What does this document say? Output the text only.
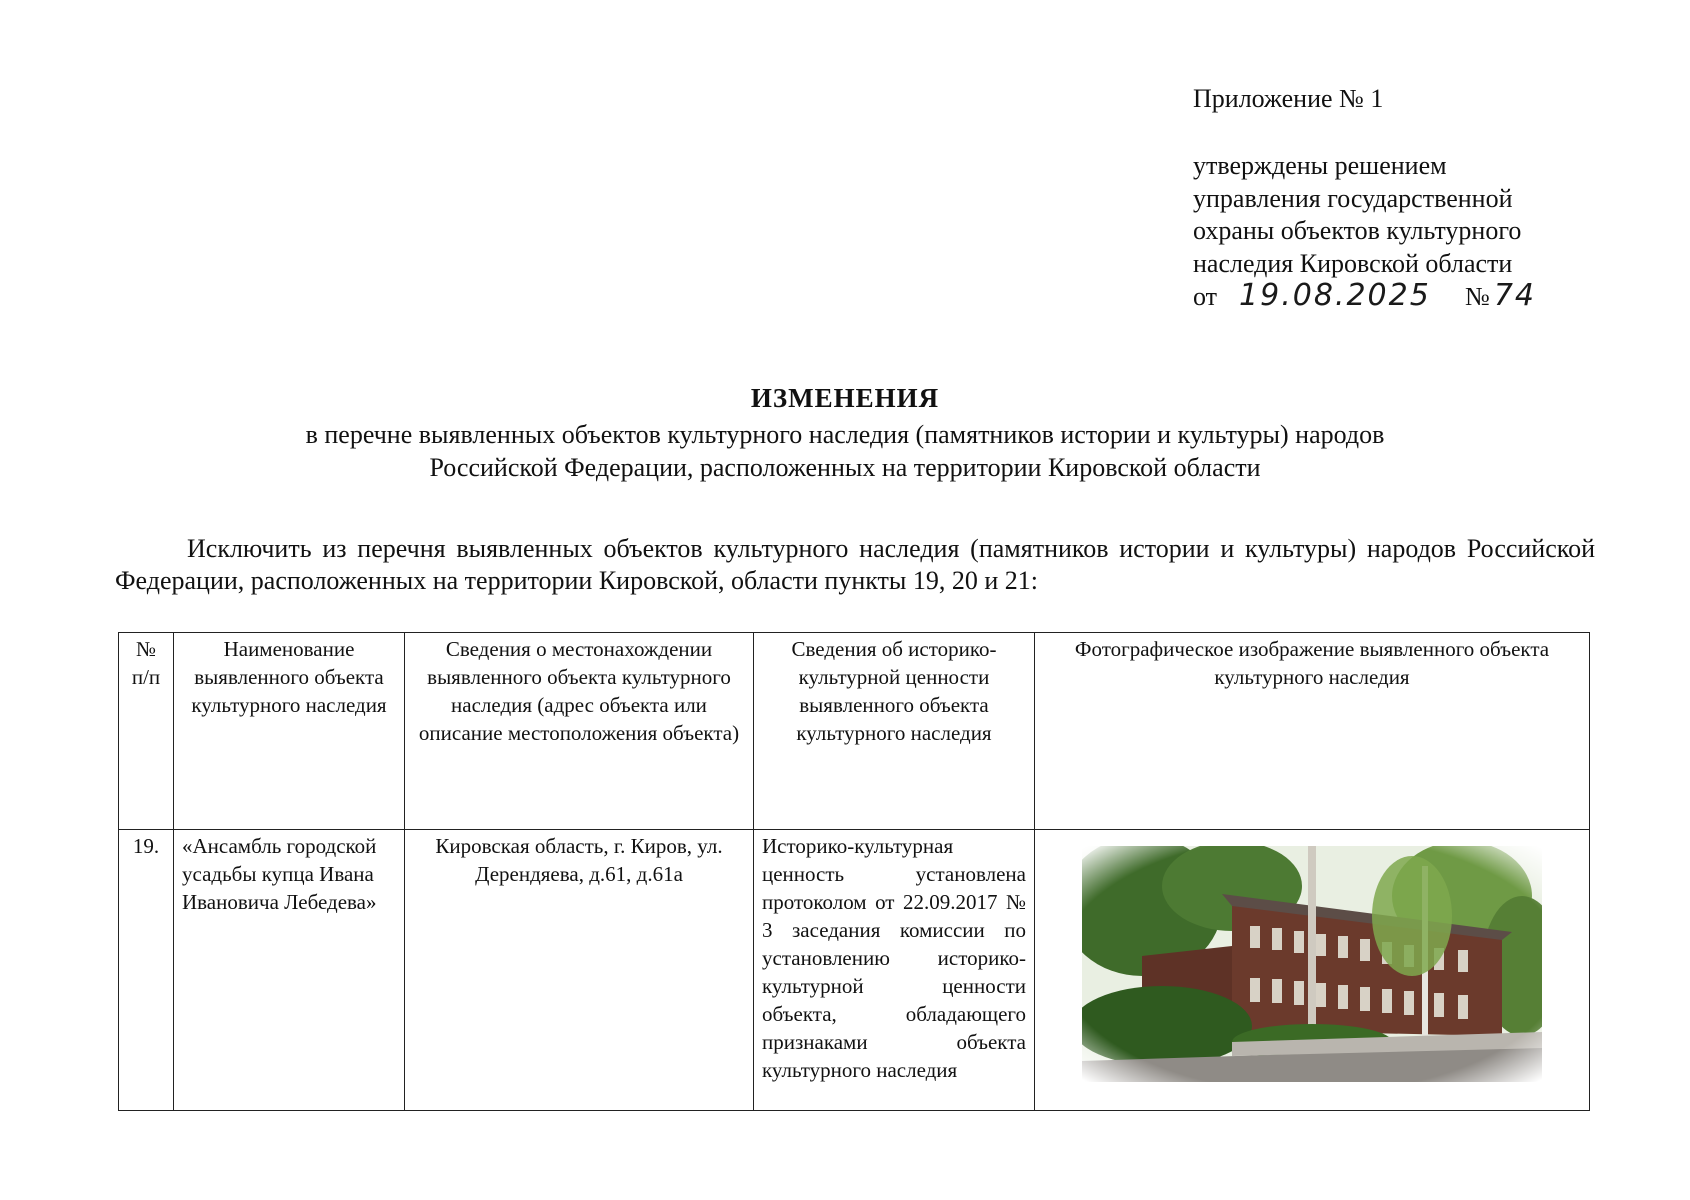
Приложение № 1
утверждены решением
управления государственной
охраны объектов культурного
наследия Кировской области
от 19.08.2025 № 74
ИЗМЕНЕНИЯ
в перечне выявленных объектов культурного наследия (памятников истории и культуры) народов
Российской Федерации, расположенных на территории Кировской области
Исключить из перечня выявленных объектов культурного наследия (памятников истории и культуры) народов Российской Федерации, расположенных на территории Кировской, области пункты 19, 20 и 21:
№ п/п	Наименование выявленного объекта культурного наследия	Сведения о местонахождении выявленного объекта культурного наследия (адрес объекта или описание местоположения объекта)	Сведения об историко-культурной ценности выявленного объекта культурного наследия	Фотографическое изображение выявленного объекта культурного наследия
19.	«Ансамбль городской усадьбы купца Ивана Ивановича Лебедева»	Кировская область, г. Киров, ул. Дерендяева, д.61, д.61а	Историко-культурная ценность установлена протоколом от 22.09.2017 № 3 заседания комиссии по установлению историко-культурной ценности объекта, обладающего признаками объекта культурного наследия	
